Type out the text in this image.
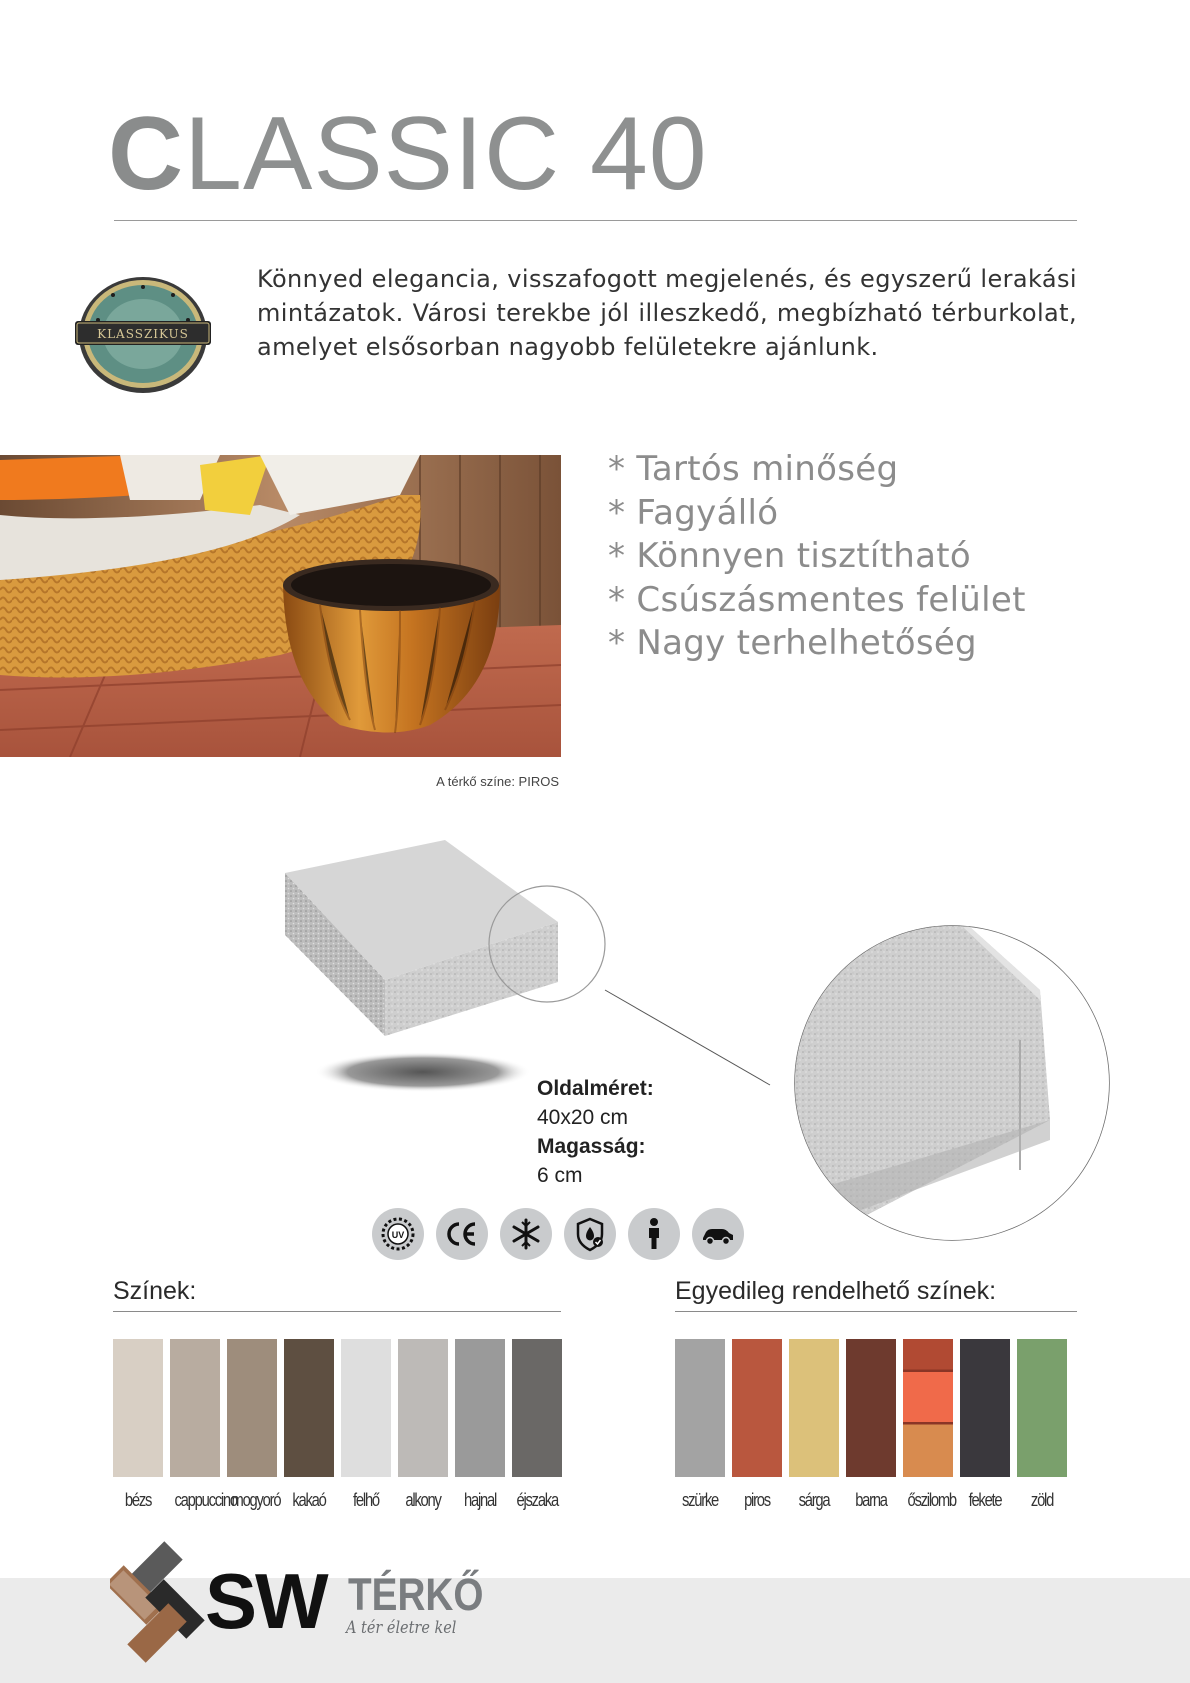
CLASSIC 40
KLASSZIKUS

Könnyed elegancia, visszafogott megjelenés, és egyszerű lerakási mintázatok. Városi terekbe jól illeszkedő, megbízható térburkolat, amelyet elsősorban nagyobb felületekre ajánlunk.

A térkő színe: PIROS
* Tartós minőség
* Fagyálló
* Könnyen tisztítható
* Csúszásmentes felület
* Nagy terhelhetőség
Oldalméret:
40x20 cm
Magasság:
6 cm
UV
Színek:
bézs	cappuccino
mogyoró kakaó	felhő	alkony hajnal éjszaka
Egyedileg rendelhető színek:
szürke	piros	sárga barna őszilomb fekete	zöld
SW TÉRKŐ
A tér életre kel
